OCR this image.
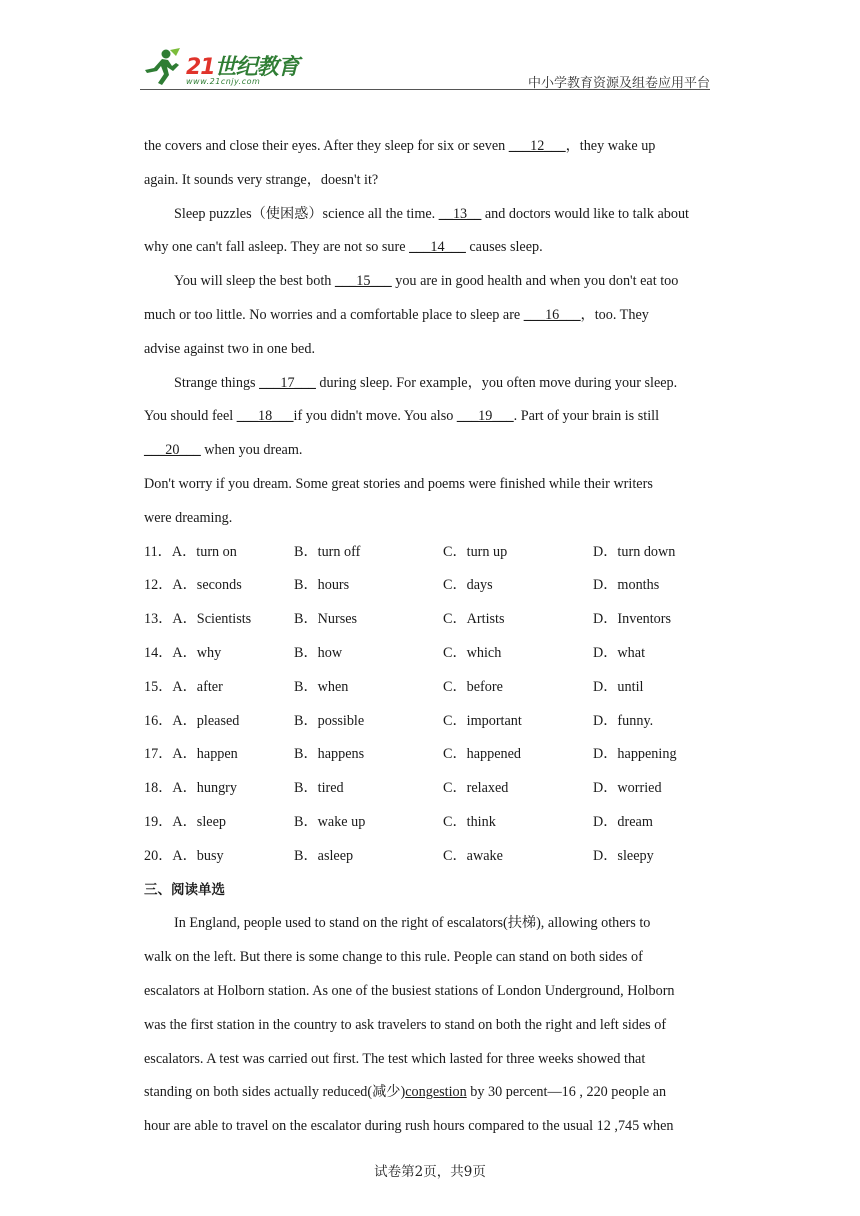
21世纪教育
www.21cnjy.com	中小学教育资源及组卷应用平台
the covers and close their eyes. After they sleep for six or seven ___12___，they wake up
again. It sounds very strange，doesn't it?
Sleep puzzles（使困惑）science all the time. __13__ and doctors would like to talk about
why one can't fall asleep. They are not so sure ___14___ causes sleep.
You will sleep the best both ___15___ you are in good health and when you don't eat too
much or too little. No worries and a comfortable place to sleep are ___16___，too. They
advise against two in one bed.
Strange things ___17___ during sleep. For example，you often move during your sleep.
You should feel ___18___if you didn't move. You also ___19___. Part of your brain is still
___20___ when you dream.
Don't worry if you dream. Some great stories and poems were finished while their writers
were dreaming.
11．A．turn on	B．turn off	C．turn up	D．turn down
12．A．seconds	B．hours	C．days	D．months
13．A．Scientists	B．Nurses	C．Artists	D．Inventors
14．A．why	B．how	C．which	D．what
15．A．after	B．when	C．before	D．until
16．A．pleased	B．possible	C．important	D．funny.
17．A．happen	B．happens	C．happened	D．happening
18．A．hungry	B．tired	C．relaxed	D．worried
19．A．sleep	B．wake up	C．think	D．dream
20．A．busy	B．asleep	C．awake	D．sleepy
三、阅读单选
In England, people used to stand on the right of escalators(扶梯), allowing others to
walk on the left. But there is some change to this rule. People can stand on both sides of
escalators at Holborn station. As one of the busiest stations of London Underground, Holborn
was the first station in the country to ask travelers to stand on both the right and left sides of
escalators. A test was carried out first. The test which lasted for three weeks showed that
standing on both sides actually reduced(减少)congestion by 30 percent—16 , 220 people an
hour are able to travel on the escalator during rush hours compared to the usual 12 ,745 when
试卷第2页，共9页
